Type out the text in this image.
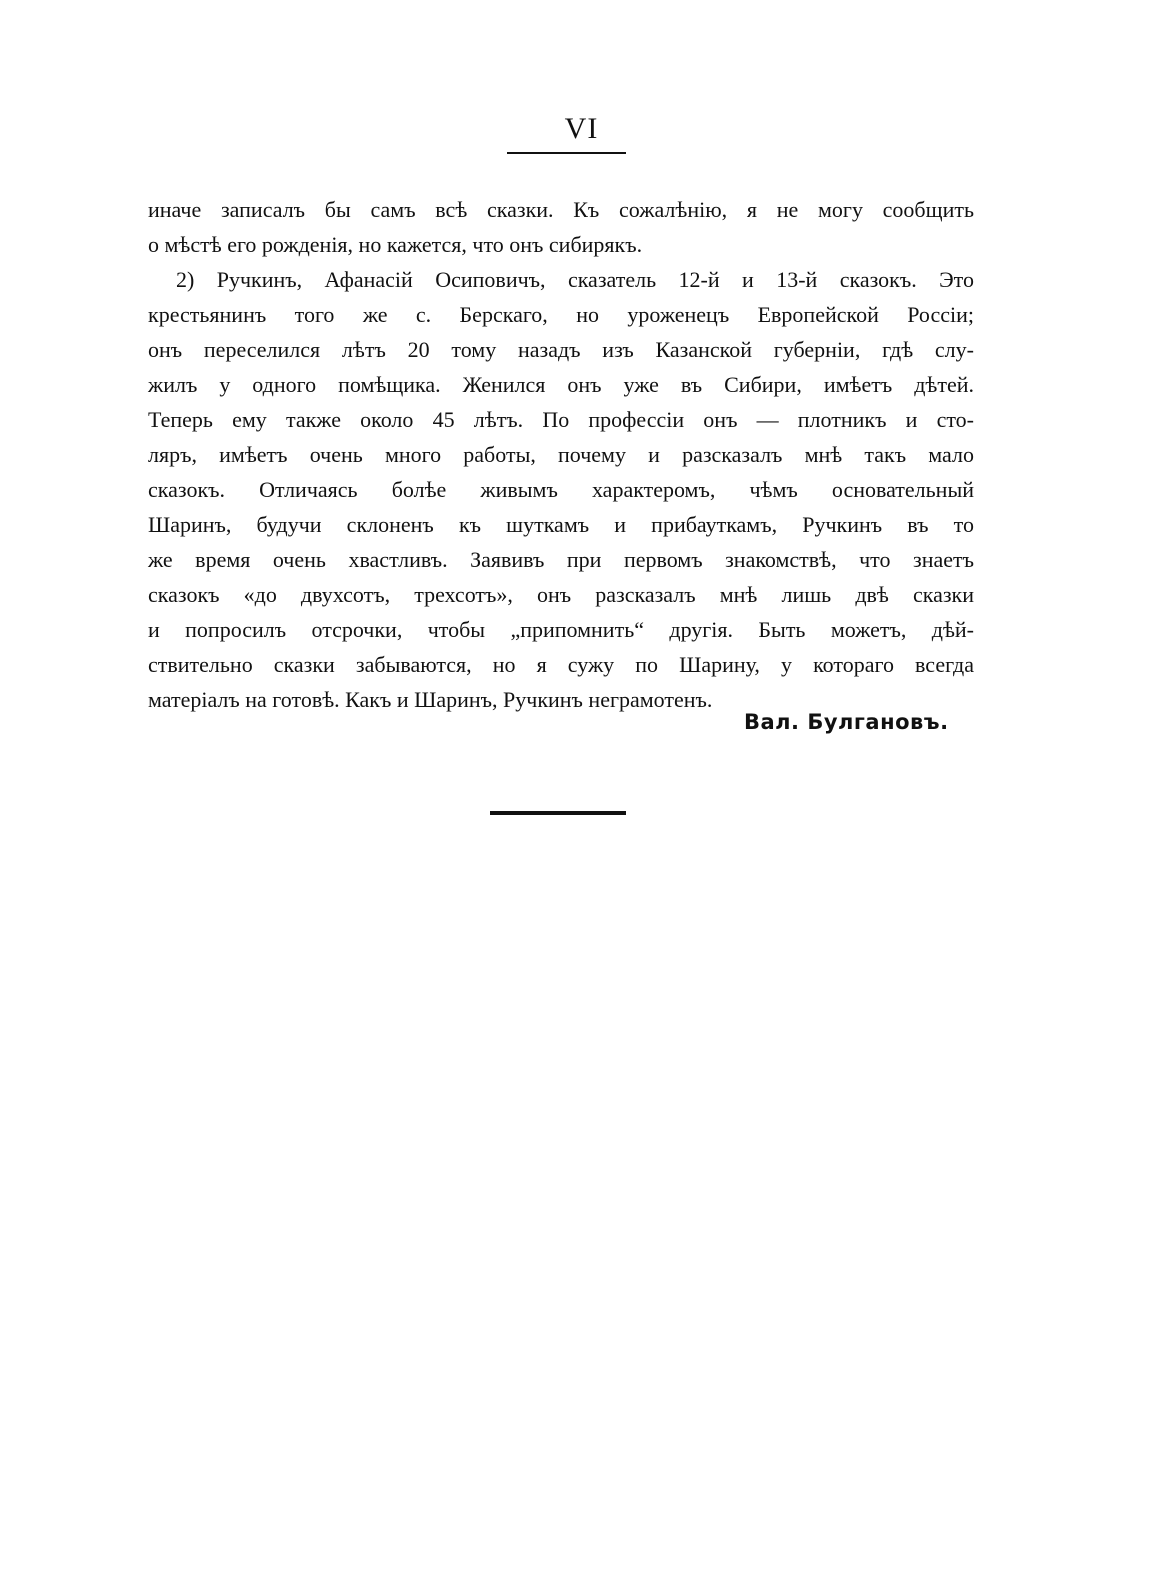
VI
иначе записалъ бы самъ всѣ сказки. Къ сожалѣнію, я не могу сообщить
о мѣстѣ его рожденія, но кажется, что онъ сибирякъ.
2) Ручкинъ, Афанасій Осиповичъ, сказатель 12-й и 13-й сказокъ. Это
крестьянинъ того же с. Берскаго, но уроженецъ Европейской Россіи;
онъ переселился лѣтъ 20 тому назадъ изъ Казанской губерніи, гдѣ слу-
жилъ у одного помѣщика. Женился онъ уже въ Сибири, имѣетъ дѣтей.
Теперь ему также около 45 лѣтъ. По профессіи онъ — плотникъ и сто-
ляръ, имѣетъ очень много работы, почему и разсказалъ мнѣ такъ мало
сказокъ. Отличаясь болѣе живымъ характеромъ, чѣмъ основательный
Шаринъ, будучи склоненъ къ шуткамъ и прибауткамъ, Ручкинъ въ то
же время очень хвастливъ. Заявивъ при первомъ знакомствѣ, что знаетъ
сказокъ «до двухсотъ, трехсотъ», онъ разсказалъ мнѣ лишь двѣ сказки
и попросилъ отсрочки, чтобы „припомнить“ другія. Быть можетъ, дѣй-
ствительно сказки забываются, но я сужу по Шарину, у котораго всегда
матеріалъ на готовѣ. Какъ и Шаринъ, Ручкинъ неграмотенъ.
Вал. Булгановъ.
